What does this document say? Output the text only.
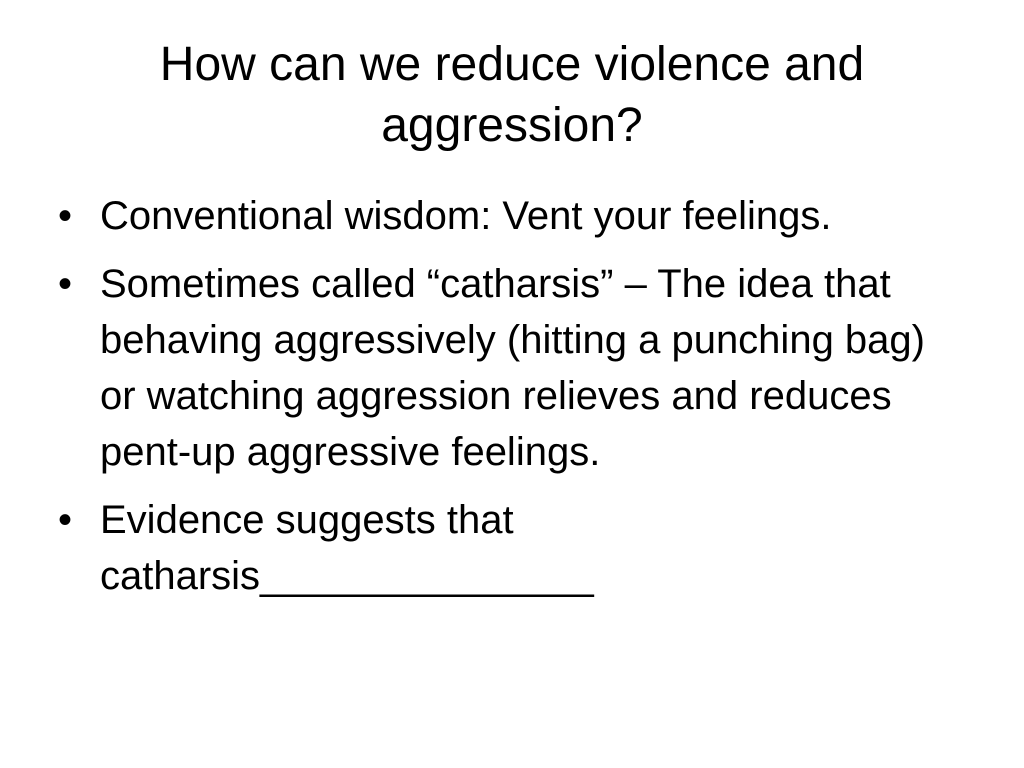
How can we reduce violence and aggression?
• Conventional wisdom: Vent your feelings.
• Sometimes called “catharsis” – The idea that behaving aggressively (hitting a punching bag) or watching aggression relieves and reduces pent-up aggressive feelings.
• Evidence suggests that catharsis_______________
